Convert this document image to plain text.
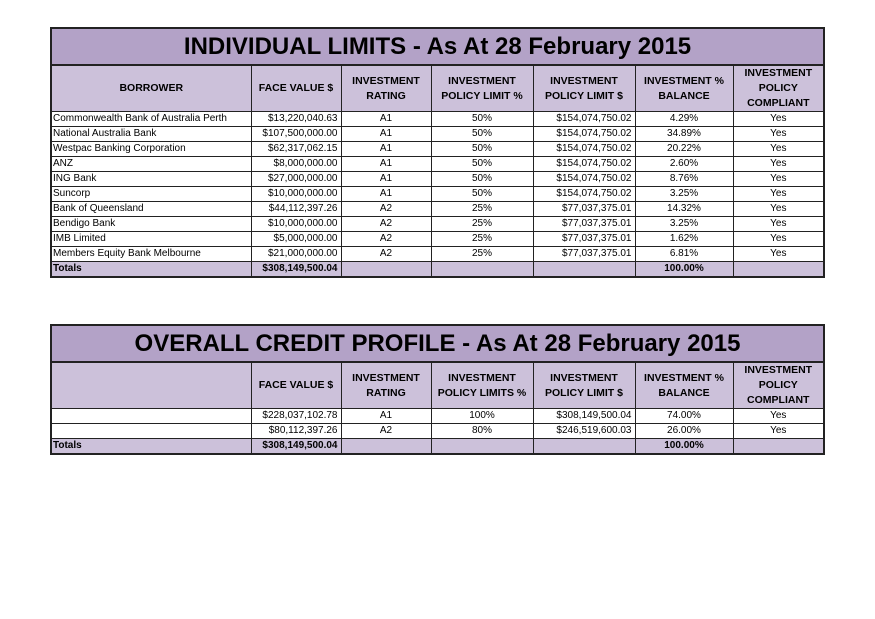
INDIVIDUAL LIMITS - As At 28 February 2015						
BORROWER	FACE VALUE $	INVESTMENT RATING	INVESTMENT POLICY LIMIT %	INVESTMENT POLICY LIMIT $	INVESTMENT % BALANCE	INVESTMENT POLICY COMPLIANT
Commonwealth Bank of Australia Perth	$13,220,040.63	A1	50%	$154,074,750.02	4.29%	Yes
National Australia Bank	$107,500,000.00	A1	50%	$154,074,750.02	34.89%	Yes
Westpac Banking Corporation	$62,317,062.15	A1	50%	$154,074,750.02	20.22%	Yes
ANZ	$8,000,000.00	A1	50%	$154,074,750.02	2.60%	Yes
ING Bank	$27,000,000.00	A1	50%	$154,074,750.02	8.76%	Yes
Suncorp	$10,000,000.00	A1	50%	$154,074,750.02	3.25%	Yes
Bank of Queensland	$44,112,397.26	A2	25%	$77,037,375.01	14.32%	Yes
Bendigo Bank	$10,000,000.00	A2	25%	$77,037,375.01	3.25%	Yes
IMB Limited	$5,000,000.00	A2	25%	$77,037,375.01	1.62%	Yes
Members Equity Bank Melbourne	$21,000,000.00	A2	25%	$77,037,375.01	6.81%	Yes
Totals	$308,149,500.04				100.00%	
OVERALL CREDIT PROFILE - As At 28 February 2015						
	FACE VALUE $	INVESTMENT RATING	INVESTMENT POLICY LIMITS %	INVESTMENT POLICY LIMIT $	INVESTMENT % BALANCE	INVESTMENT POLICY COMPLIANT
	$228,037,102.78	A1	100%	$308,149,500.04	74.00%	Yes
	$80,112,397.26	A2	80%	$246,519,600.03	26.00%	Yes
Totals	$308,149,500.04				100.00%	
